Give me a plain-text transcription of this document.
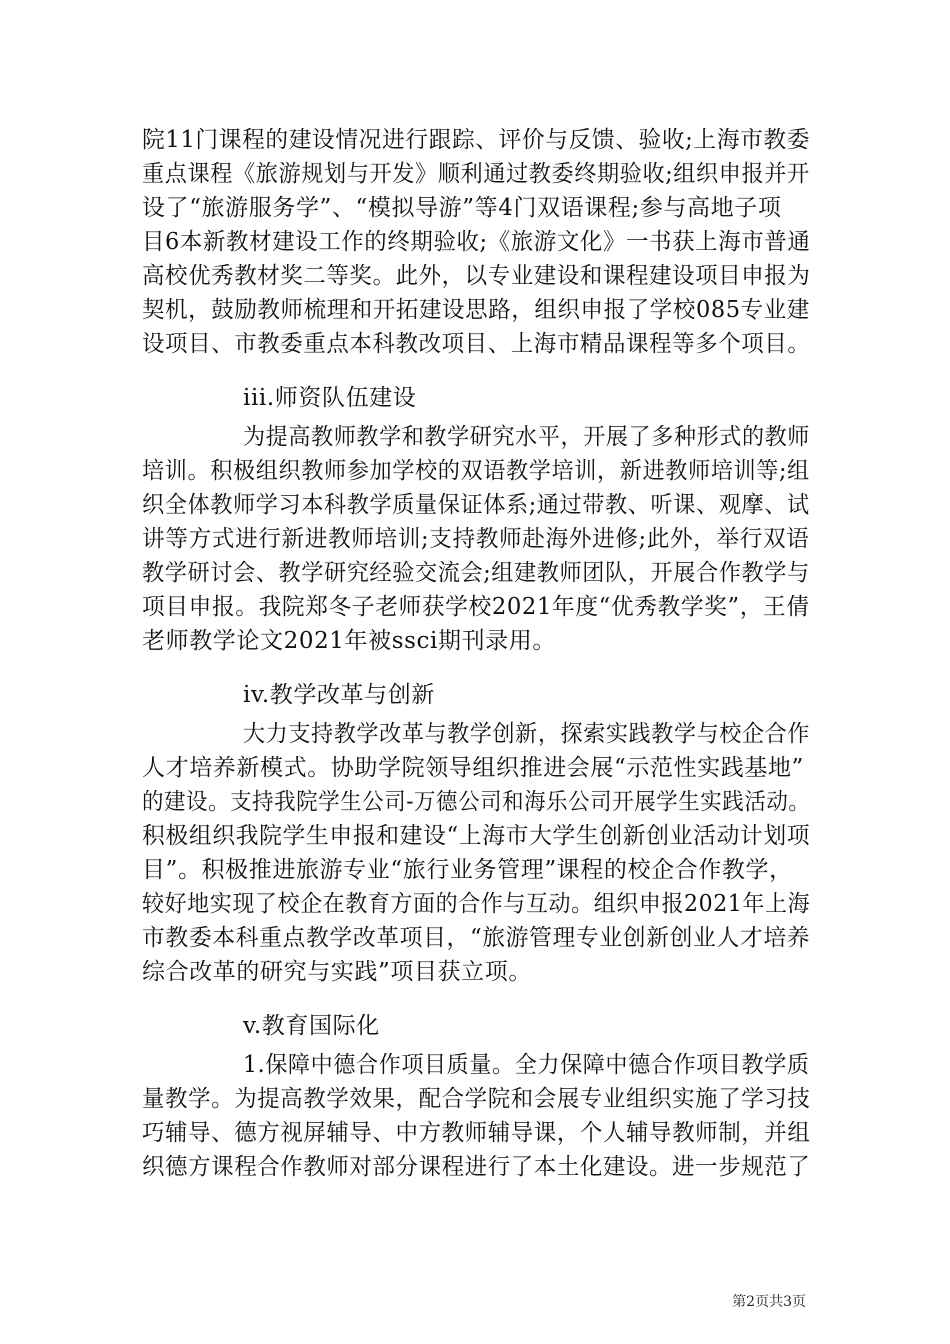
院11门课程的建设情况进行跟踪、评价与反馈、验收;上海市教委
重点课程《旅游规划与开发》顺利通过教委终期验收;组织申报并开
设了“旅游服务学”、“模拟导游”等4门双语课程;参与高地子项
目6本新教材建设工作的终期验收;《旅游文化》一书获上海市普通
高校优秀教材奖二等奖。此外，以专业建设和课程建设项目申报为
契机，鼓励教师梳理和开拓建设思路，组织申报了学校085专业建
设项目、市教委重点本科教改项目、上海市精品课程等多个项目。
iii.师资队伍建设
为提高教师教学和教学研究水平，开展了多种形式的教师
培训。积极组织教师参加学校的双语教学培训，新进教师培训等;组
织全体教师学习本科教学质量保证体系;通过带教、听课、观摩、试
讲等方式进行新进教师培训;支持教师赴海外进修;此外，举行双语
教学研讨会、教学研究经验交流会;组建教师团队，开展合作教学与
项目申报。我院郑冬子老师获学校2021年度“优秀教学奖”，王倩
老师教学论文2021年被ssci期刊录用。
iv.教学改革与创新
大力支持教学改革与教学创新，探索实践教学与校企合作
人才培养新模式。协助学院领导组织推进会展“示范性实践基地”
的建设。支持我院学生公司-万德公司和海乐公司开展学生实践活动。
积极组织我院学生申报和建设“上海市大学生创新创业活动计划项
目”。积极推进旅游专业“旅行业务管理”课程的校企合作教学，
较好地实现了校企在教育方面的合作与互动。组织申报2021年上海
市教委本科重点教学改革项目，“旅游管理专业创新创业人才培养
综合改革的研究与实践”项目获立项。
v.教育国际化
1.保障中德合作项目质量。全力保障中德合作项目教学质
量教学。为提高教学效果，配合学院和会展专业组织实施了学习技
巧辅导、德方视屏辅导、中方教师辅导课，个人辅导教师制，并组
织德方课程合作教师对部分课程进行了本土化建设。进一步规范了
第2页共3页
